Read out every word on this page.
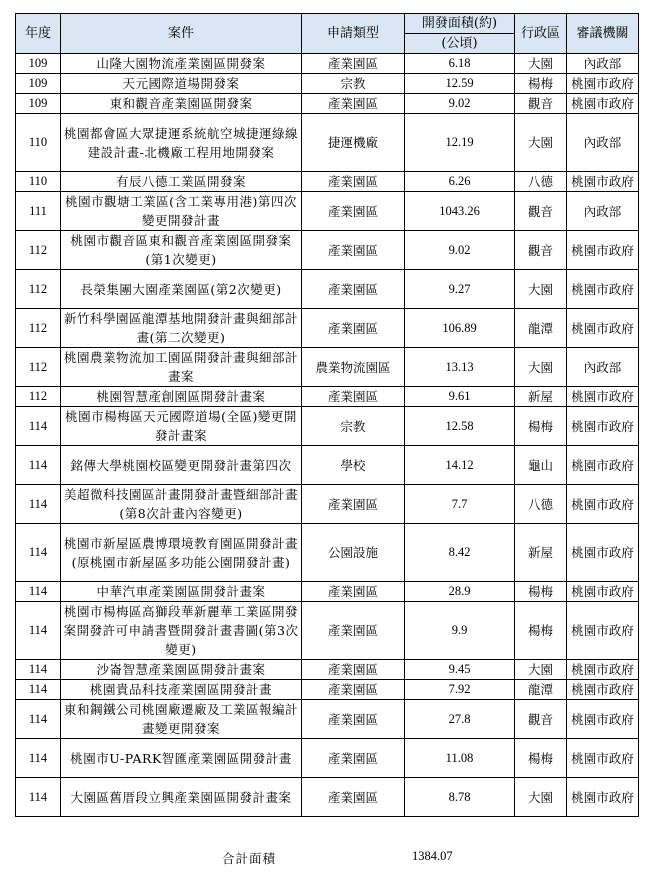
年度	案件	申請類型	開發面積(約)	行政區	審議機關
			(公頃)		
109	山隆大園物流產業園區開發案	產業園區	6.18	大園	內政部
109	天元國際道場開發案	宗教	12.59	楊梅	桃園市政府
109	東和觀音產業園區開發案	產業園區	9.02	觀音	桃園市政府
110	桃園都會區大眾捷運系統航空城捷運綠線建設計畫-北機廠工程用地開發案	捷運機廠	12.19	大園	內政部
110	有辰八德工業區開發案	產業園區	6.26	八德	桃園市政府
111	桃園市觀塘工業區(含工業專用港)第四次變更開發計畫	產業園區	1043.26	觀音	內政部
112	桃園市觀音區東和觀音產業園區開發案(第1次變更)	產業園區	9.02	觀音	桃園市政府
112	長榮集團大園產業園區(第2次變更)	產業園區	9.27	大園	桃園市政府
112	新竹科學園區龍潭基地開發計畫與細部計畫(第二次變更)	產業園區	106.89	龍潭	桃園市政府
112	桃園農業物流加工園區開發計畫與細部計畫案	農業物流園區	13.13	大園	內政部
112	桃園智慧產創園區開發計畫案	產業園區	9.61	新屋	桃園市政府
114	桃園市楊梅區天元國際道場(全區)變更開發計畫案	宗教	12.58	楊梅	桃園市政府
114	銘傳大學桃園校區變更開發計畫第四次	學校	14.12	龜山	桃園市政府
114	美超微科技園區計畫開發計畫暨細部計畫(第8次計畫內容變更)	產業園區	7.7	八德	桃園市政府
114	桃園市新屋區農博環境教育園區開發計畫(原桃園市新屋區多功能公園開發計畫)	公園設施	8.42	新屋	桃園市政府
114	中華汽車產業園區開發計畫案	產業園區	28.9	楊梅	桃園市政府
114	桃園市楊梅區高獅段華新麗華工業區開發案開發許可申請書暨開發計畫書圖(第3次變更)	產業園區	9.9	楊梅	桃園市政府
114	沙崙智慧產業園區開發計畫案	產業園區	9.45	大園	桃園市政府
114	桃園貴品科技產業園區開發計畫	產業園區	7.92	龍潭	桃園市政府
114	東和鋼鐵公司桃園廠遷廠及工業區報編計畫變更開發案	產業園區	27.8	觀音	桃園市政府
114	桃園市U-PARK智匯產業園區開發計畫	產業園區	11.08	楊梅	桃園市政府
114	大園區舊厝段立興產業園區開發計畫案	產業園區	8.78	大園	桃園市政府
合計面積	1384.07
